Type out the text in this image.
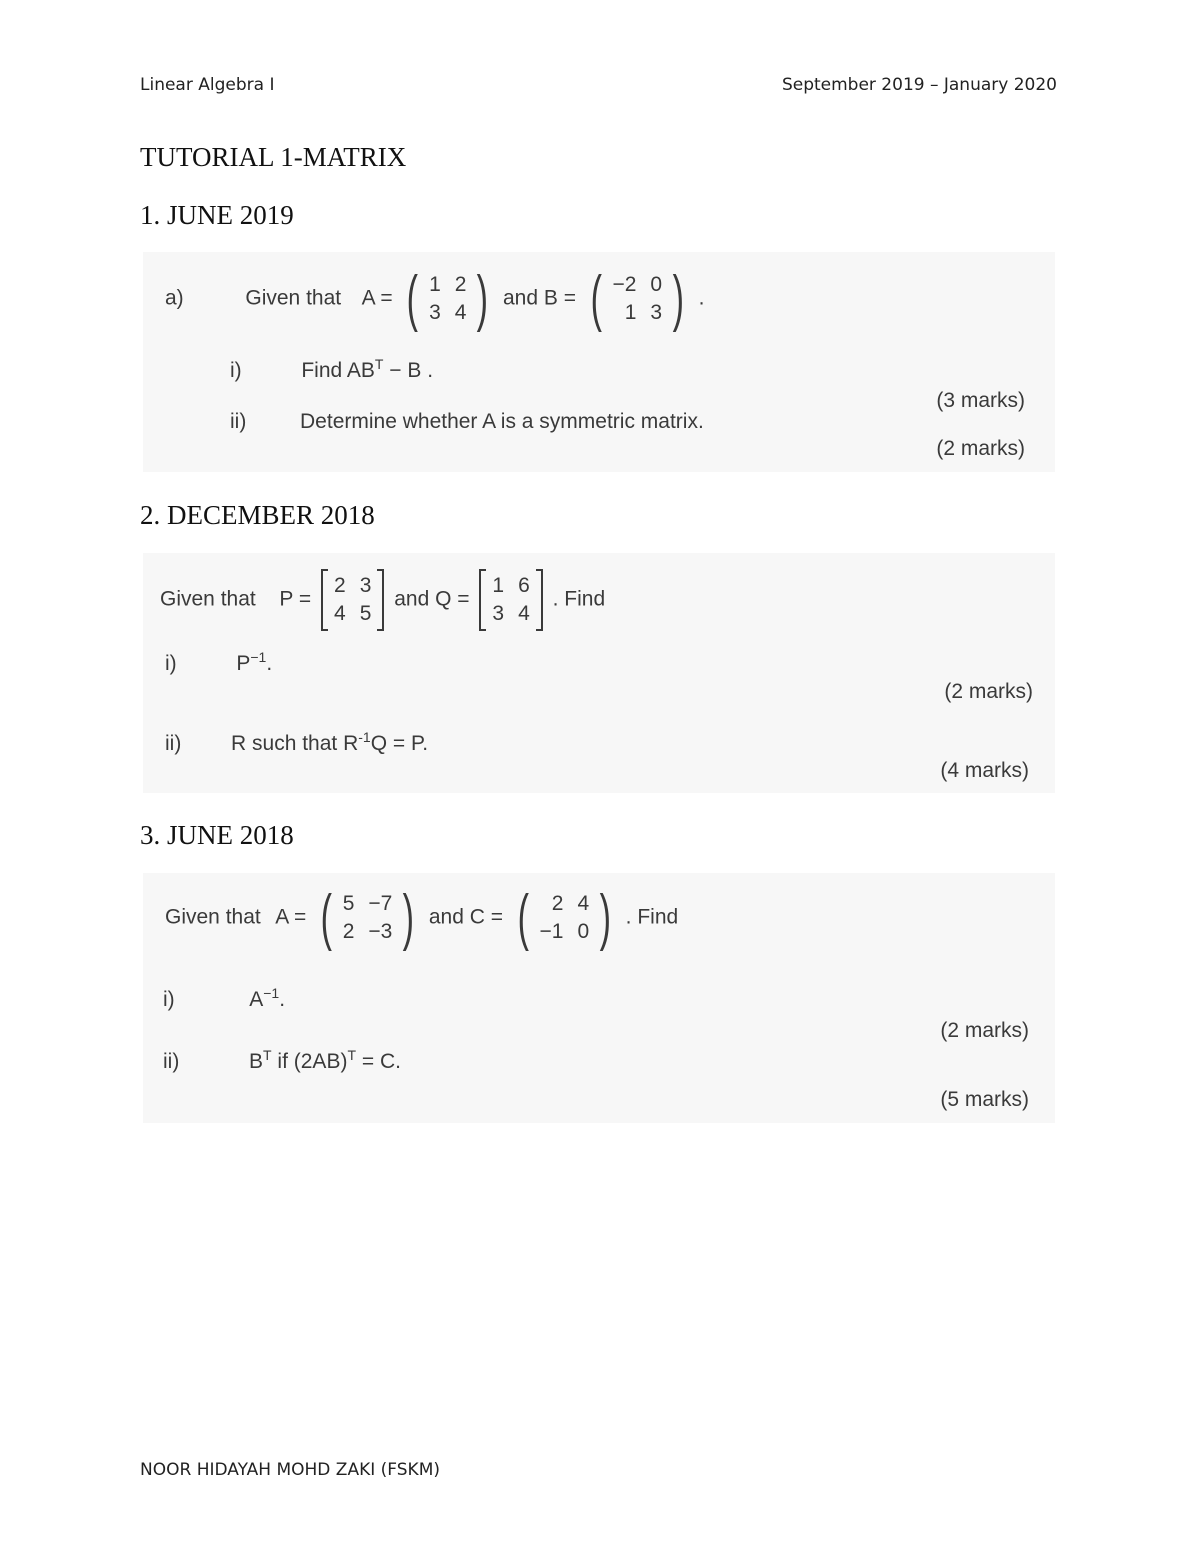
Linear Algebra I	September 2019 – January 2020
TUTORIAL 1-MATRIX
1. JUNE 2019
a)	Given that A = ( 1 2
3 4 ) and B = ( −2 0
1 3 ) .
i)	Find $AB^T - B$ .
(3 marks)
ii)	Determine whether A is a symmetric matrix.
(2 marks)
2. DECEMBER 2018
Given that P =
2 3
4 5
and Q =
1 6
3 4
. Find
i)	$P^{-1}$.
(2 marks)
ii) R such that $R^{-1}Q = P$.
(4 marks)
3. JUNE 2018
Given that A = ( 5 −7
2 −3 ) and C = (	2 4
−1 0 ) . Find
i)	$A^{-1}$.
(2 marks)
ii)	$B^T$ if $(2AB)^T = C$.
(5 marks)
NOOR HIDAYAH MOHD ZAKI (FSKM)
